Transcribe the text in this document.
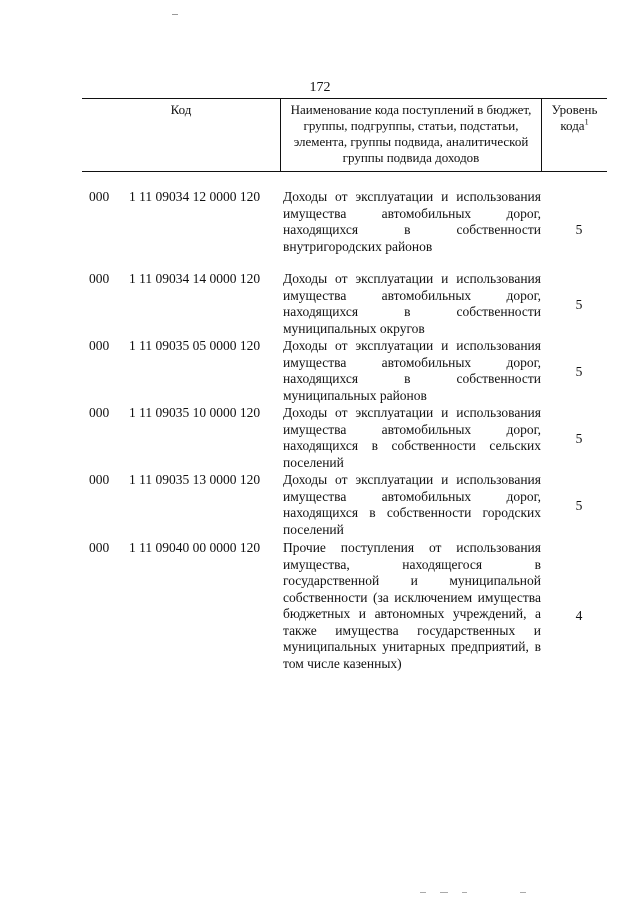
172
Код	Наименование кода поступлений в бюджет, группы, подгруппы, статьи, подстатьи, элемента, группы подвида, аналитической группы подвида доходов
Уровень кода$^1$
000 1 11 09034 12 0000 120 Доходы от эксплуатации и использования имущества автомобильных дорог, находящихся в собственности внутригородских районов
5
000 1 11 09034 14 0000 120 Доходы от эксплуатации и использования имущества автомобильных дорог, находящихся в собственности муниципальных округов
5
000 1 11 09035 05 0000 120 Доходы от эксплуатации и использования имущества автомобильных дорог, находящихся в собственности муниципальных районов
5
000 1 11 09035 10 0000 120 Доходы от эксплуатации и использования имущества автомобильных дорог, находящихся в собственности сельских поселений
5
000 1 11 09035 13 0000 120 Доходы от эксплуатации и использования имущества автомобильных дорог, находящихся в собственности городских поселений
5
000 1 11 09040 00 0000 120 Прочие поступления от использования имущества, находящегося в государственной и муниципальной собственности (за исключением имущества бюджетных и автономных учреждений, а также имущества государственных и муниципальных унитарных предприятий, в том числе казенных)
4
